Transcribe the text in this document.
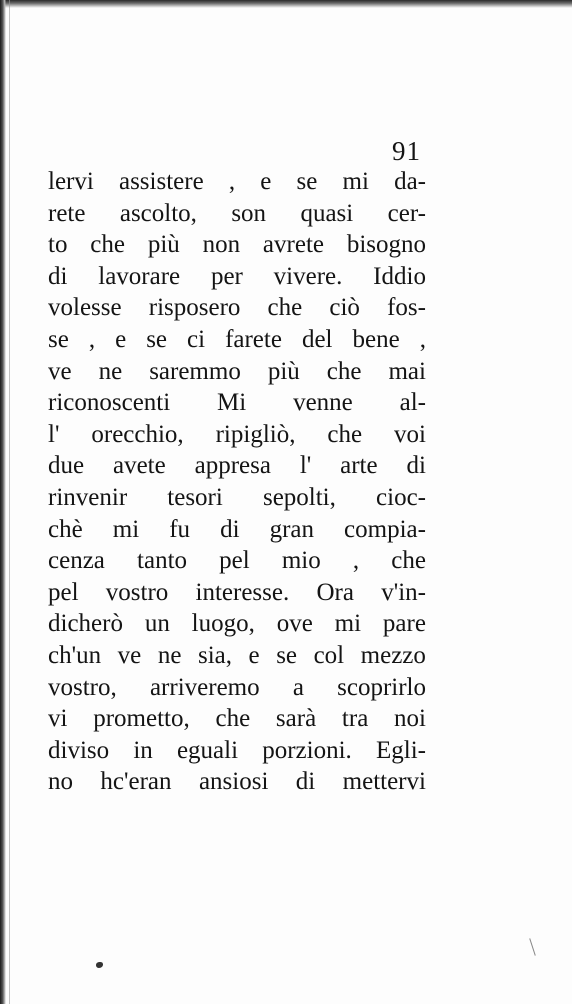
91
lervi assistere , e se mi da-
rete ascolto, son quasi cer-
to che più non avrete bisogno
di lavorare per vivere. Iddio
volesse risposero che ciò fos-
se , e se ci farete del bene ,
ve ne saremmo più che mai
riconoscenti Mi venne al-
l' orecchio, ripigliò, che voi
due avete appresa l' arte di
rinvenir tesori sepolti, cioc-
chè mi fu di gran compia-
cenza tanto pel mio , che
pel vostro interesse. Ora v'in-
dicherò un luogo, ove mi pare
ch'un ve ne sia, e se col mezzo
vostro, arriveremo a scoprirlo
vi prometto, che sarà tra noi
diviso in eguali porzioni. Egli-
no hc'eran ansiosi di mettervi
